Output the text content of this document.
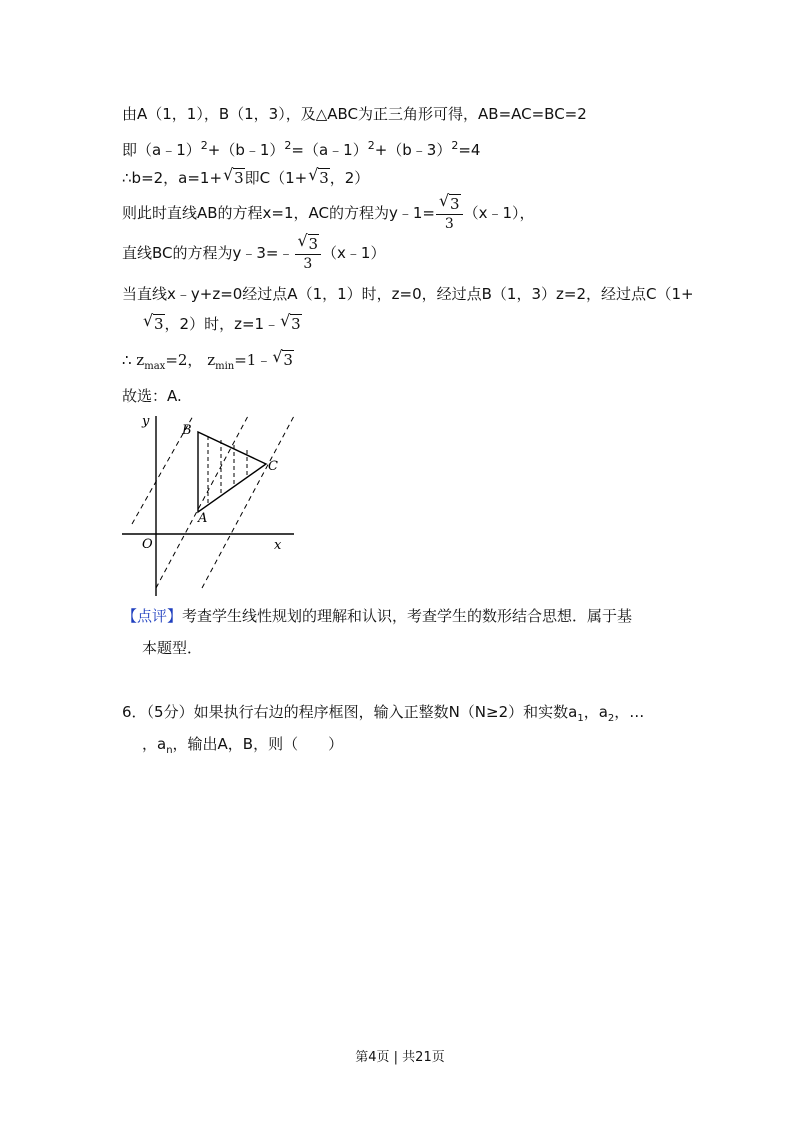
由A（1，1），B（1，3），及△ABC为正三角形可得，AB=AC=BC=2
即（a﹣1）$^2$+（b﹣1）$^2$=（a﹣1）$^2$+（b﹣3）$^2$=4
∴b=2，a=1+ √ 3即C（1+ √ 3，2）
则此时直线AB的方程x=1，AC的方程为y﹣1= $\frac{√ 3}{3}$ （x﹣1），
直线BC的方程为y﹣3=﹣ $\frac{√ 3}{3}$ （x﹣1）
当直线x﹣y+z=0经过点A（1，1）时，z=0，经过点B（1，3）z=2，经过点C（1+
√ 3，2）时，z=1﹣ √ 3
∴ $z_{max}=2$， $z_{min}=1﹣$ √ 3
故选：A.
y
x
O
A
B
C
【点评】考查学生线性规划的理解和认识，考查学生的数形结合思想．属于基
本题型．
6．（5分）如果执行右边的程序框图，输入正整数N（N≥2）和实数$a_1$，$a_2$，…
，$a_n$，输出A，B，则（　　）
第4页 | 共21页
